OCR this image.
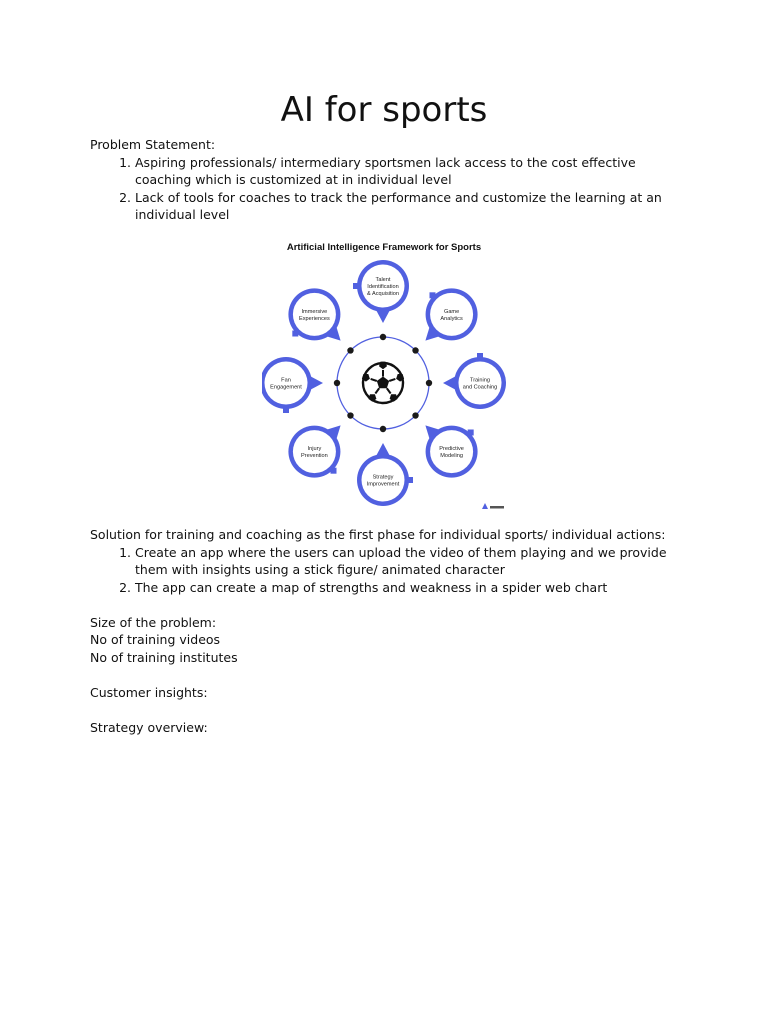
AI for sports

Problem Statement:

1. Aspiring professionals/ intermediary sportsmen lack access to the cost effective coaching which is customized at in individual level
2. Lack of tools for coaches to track the performance and customize the learning at an individual level
Artificial Intelligence Framework for Sports
Talent
Identification
& Acquisition
Game
Analytics
Training
and Coaching
Predictive
Modeling
Strategy
Improvement
Injury
Prevention
Fan
Engagement
Immersive
Experiences

Solution for training and coaching as the first phase for individual sports/ individual actions:

1. Create an app where the users can upload the video of them playing and we provide them with insights using a stick figure/ animated character
2. The app can create a map of strengths and weakness in a spider web chart

Size of the problem:

No of training videos

No of training institutes

Customer insights:

Strategy overview:
